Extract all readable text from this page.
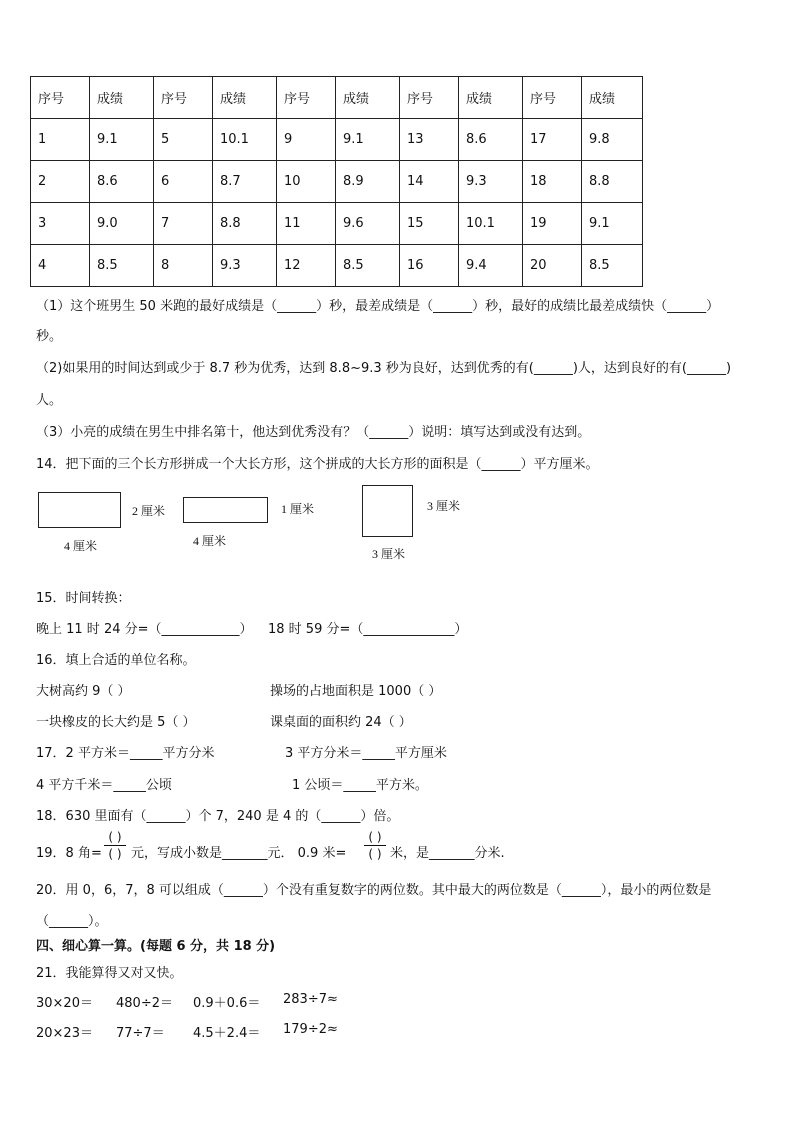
序号	成绩	序号	成绩	序号	成绩	序号	成绩	序号	成绩
1	9.1	5	10.1	9	9.1	13	8.6	17	9.8
2	8.6	6	8.7	10	8.9	14	9.3	18	8.8
3	9.0	7	8.8	11	9.6	15	10.1	19	9.1
4	8.5	8	9.3	12	8.5	16	9.4	20	8.5
（1）这个班男生 50 米跑的最好成绩是（______）秒，最差成绩是（______）秒，最好的成绩比最差成绩快（______）
秒。
（2)如果用的时间达到或少于 8.7 秒为优秀，达到 8.8~9.3 秒为良好，达到优秀的有(______)人，达到良好的有(______)
人。
（3）小亮的成绩在男生中排名第十，他达到优秀没有？（______）说明：填写达到或没有达到。
14．把下面的三个长方形拼成一个大长方形，这个拼成的大长方形的面积是（______）平方厘米。
2 厘米
4 厘米
1 厘米
4 厘米
3 厘米
3 厘米
15．时间转换：
晚上 11 时 24 分=（____________） 18 时 59 分=（______________）
16．填上合适的单位名称。
大树高约 9（ ）	操场的占地面积是 1000（ ）
一块橡皮的长大约是 5（ ）	课桌面的面积约 24（ ）
17．2 平方米＝_____平方分米	3 平方分米＝_____平方厘米
4 平方千米＝_____公顷	1 公顷＝_____平方米。
18．630 里面有（______）个 7，240 是 4 的（______）倍。
19．8 角=
( )
( ) 元，写成小数是_______元． 0.9 米=
( )
( ) 米，是_______分米.
20．用 0，6，7，8 可以组成（______）个没有重复数字的两位数。其中最大的两位数是（______），最小的两位数是
（______）。
四、细心算一算。(每题 6 分，共 18 分)
21．我能算得又对又快。
30×20＝ 480÷2＝ 0.9＋0.6＝ 283÷7≈
20×23＝ 77÷7＝ 4.5＋2.4＝ 179÷2≈
